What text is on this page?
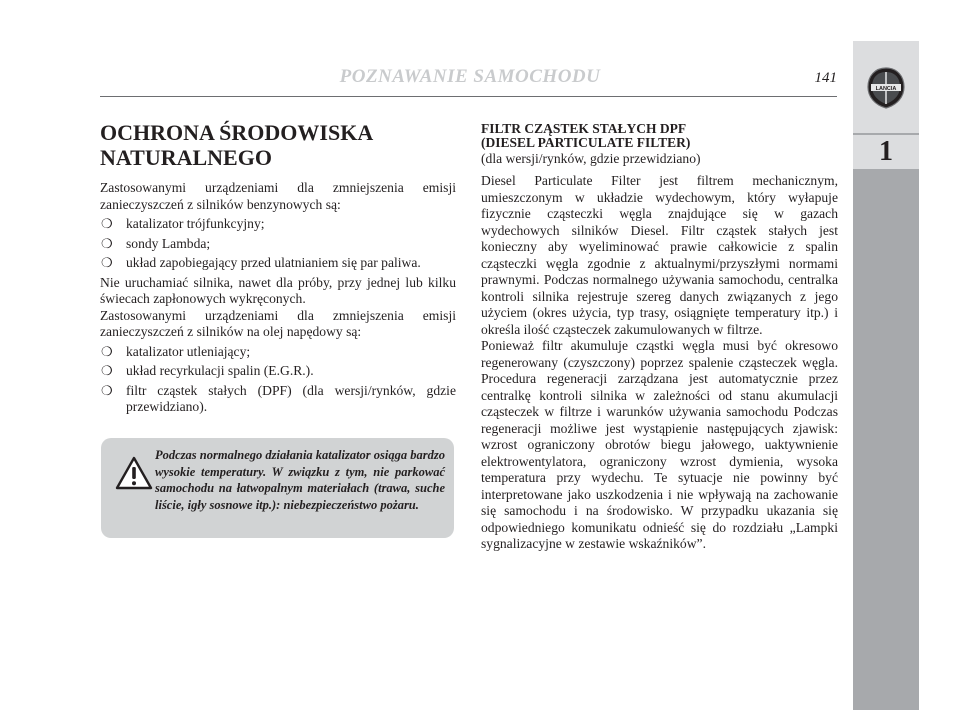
POZNAWANIE SAMOCHODU	141
LANCIA
1
OCHRONA ŚRODOWISKA
NATURALNEGO

Zastosowanymi urządzeniami dla zmniejszenia emisji zanieczyszczeń z silników benzynowych są:

❍ katalizator trójfunkcyjny;
❍ sondy Lambda;
❍ układ zapobiegający przed ulatnianiem się par paliwa.

Nie uruchamiać silnika, nawet dla próby, przy jednej lub kilku świecach zapłonowych wykręconych.

Zastosowanymi urządzeniami dla zmniejszenia emisji zanieczyszczeń z silników na olej napędowy są:

❍ katalizator utleniający;
❍ układ recyrkulacji spalin (E.G.R.).
❍ filtr cząstek stałych (DPF) (dla wersji/rynków, gdzie przewidziano).
Podczas normalnego działania katalizator osiąga bardzo wysokie temperatury. W związku z tym, nie parkować samochodu na łatwopalnym materiałach (trawa, suche liście, igły sosnowe itp.): niebezpieczeństwo pożaru.
FILTR CZĄSTEK STAŁYCH DPF
(DIESEL PARTICULATE FILTER)
(dla wersji/rynków, gdzie przewidziano)

Diesel Particulate Filter jest filtrem mechanicznym, umieszczonym w układzie wydechowym, który wyłapuje fizycznie cząsteczki węgla znajdujące się w gazach wydechowych silników Diesel. Filtr cząstek stałych jest konieczny aby wyeliminować prawie całkowicie z spalin cząsteczki węgla zgodnie z aktualnymi/przyszłymi normami prawnymi. Podczas normalnego używania samochodu, centralka kontroli silnika rejestruje szereg danych związanych z jego użyciem (okres użycia, typ trasy, osiągnięte temperatury itp.) i określa ilość cząsteczek zakumulowanych w filtrze.

Ponieważ filtr akumuluje cząstki węgla musi być okresowo regenerowany (czyszczony) poprzez spalenie cząsteczek węgla. Procedura regeneracji zarządzana jest automatycznie przez centralkę kontroli silnika w zależności od stanu akumulacji cząsteczek w filtrze i warunków używania samochodu Podczas regeneracji możliwe jest wystąpienie następujących zjawisk: wzrost ograniczony obrotów biegu jałowego, uaktywnienie elektrowentylatora, ograniczony wzrost dymienia, wysoka temperatura przy wydechu. Te sytuacje nie powinny być interpretowane jako uszkodzenia i nie wpływają na zachowanie się samochodu i na środowisko. W przypadku ukazania się odpowiedniego komunikatu odnieść się do rozdziału „Lampki sygnalizacyjne w zestawie wskaźników”.
